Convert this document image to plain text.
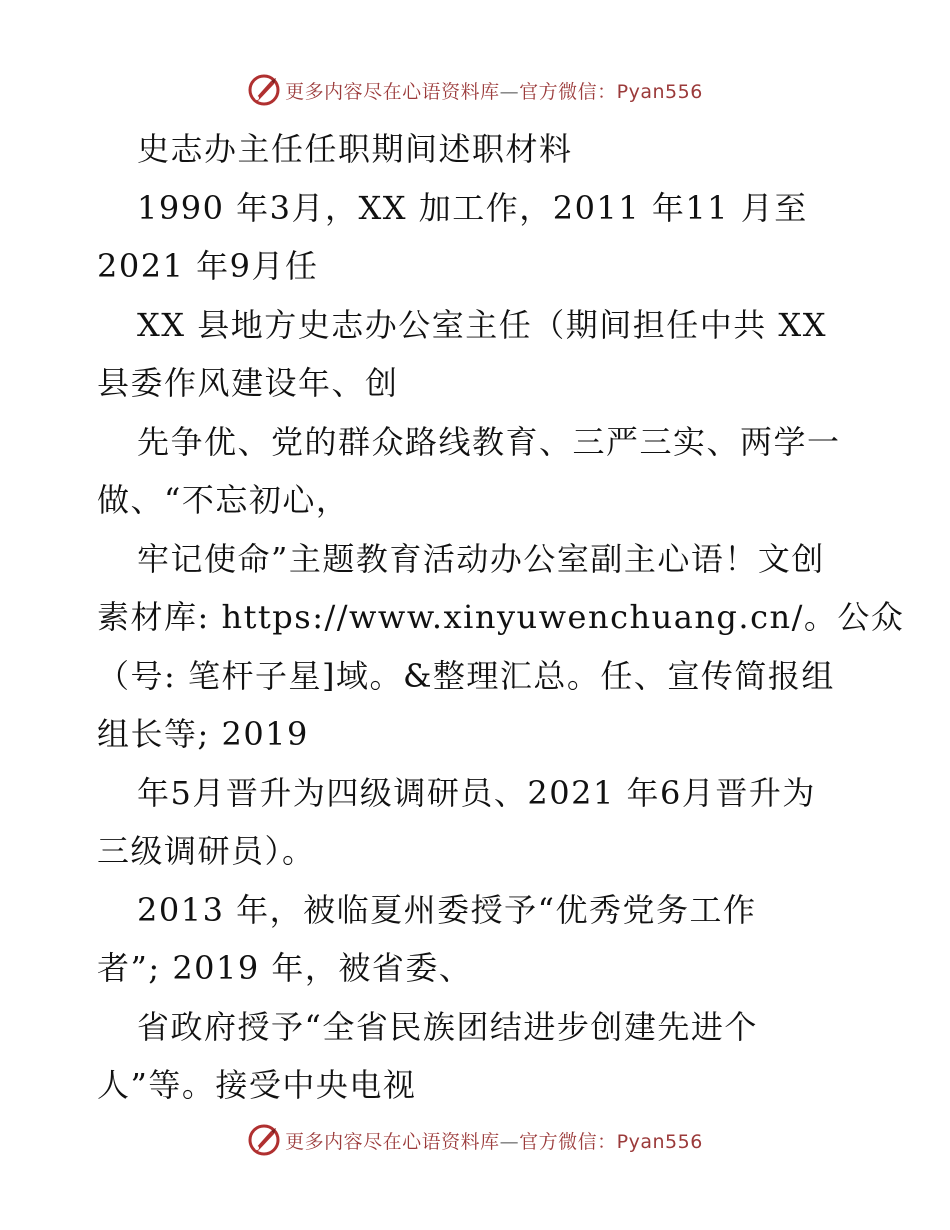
更多内容尽在心语资料库—官方微信：Pyan556
史志办主任任职期间述职材料
1990 年3月，XX 加工作，2011 年11 月至
2021 年9月任
XX 县地方史志办公室主任（期间担任中共 XX
县委作风建设年、创
先争优、党的群众路线教育、三严三实、两学一
做、“不忘初心，
牢记使命”主题教育活动办公室副主心语！文创
素材库: https://www.xinyuwenchuang.cn/。公众
（号: 笔杆子星]域。&整理汇总。任、宣传简报组
组长等; 2019
年5月晋升为四级调研员、2021 年6月晋升为
三级调研员）。
2013 年，被临夏州委授予“优秀党务工作
者”; 2019 年，被省委、
省政府授予“全省民族团结进步创建先进个
人”等。接受中央电视
更多内容尽在心语资料库—官方微信：Pyan556
